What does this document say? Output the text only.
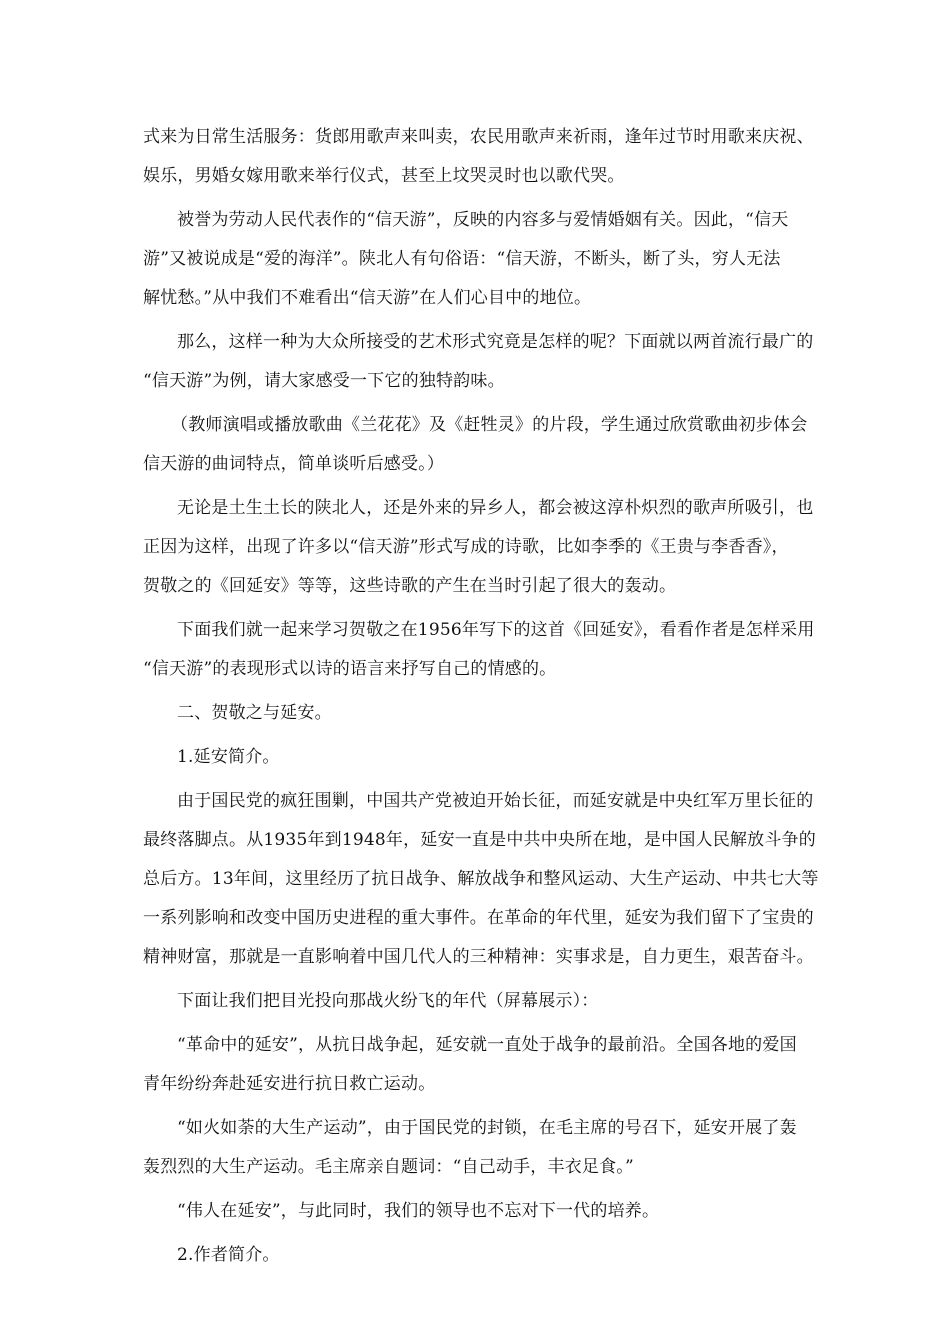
式来为日常生活服务：货郎用歌声来叫卖，农民用歌声来祈雨，逢年过节时用歌来庆祝、
娱乐，男婚女嫁用歌来举行仪式，甚至上坟哭灵时也以歌代哭。

被誉为劳动人民代表作的“信天游”，反映的内容多与爱情婚姻有关。因此，“信天
游”又被说成是“爱的海洋”。陕北人有句俗语：“信天游，不断头，断了头，穷人无法
解忧愁。”从中我们不难看出“信天游”在人们心目中的地位。

那么，这样一种为大众所接受的艺术形式究竟是怎样的呢？下面就以两首流行最广的
“信天游”为例，请大家感受一下它的独特韵味。

（教师演唱或播放歌曲《兰花花》及《赶牲灵》的片段，学生通过欣赏歌曲初步体会
信天游的曲词特点，简单谈听后感受。）

无论是土生土长的陕北人，还是外来的异乡人，都会被这淳朴炽烈的歌声所吸引，也
正因为这样，出现了许多以“信天游”形式写成的诗歌，比如李季的《王贵与李香香》，
贺敬之的《回延安》等等，这些诗歌的产生在当时引起了很大的轰动。

下面我们就一起来学习贺敬之在1956年写下的这首《回延安》，看看作者是怎样采用
“信天游”的表现形式以诗的语言来抒写自己的情感的。

二、贺敬之与延安。

1.延安简介。

由于国民党的疯狂围剿，中国共产党被迫开始长征，而延安就是中央红军万里长征的
最终落脚点。从1935年到1948年，延安一直是中共中央所在地，是中国人民解放斗争的
总后方。13年间，这里经历了抗日战争、解放战争和整风运动、大生产运动、中共七大等
一系列影响和改变中国历史进程的重大事件。在革命的年代里，延安为我们留下了宝贵的
精神财富，那就是一直影响着中国几代人的三种精神：实事求是，自力更生，艰苦奋斗。

下面让我们把目光投向那战火纷飞的年代（屏幕展示）：

“革命中的延安”，从抗日战争起，延安就一直处于战争的最前沿。全国各地的爱国
青年纷纷奔赴延安进行抗日救亡运动。

“如火如荼的大生产运动”，由于国民党的封锁，在毛主席的号召下，延安开展了轰
轰烈烈的大生产运动。毛主席亲自题词：“自己动手，丰衣足食。”

“伟人在延安”，与此同时，我们的领导也不忘对下一代的培养。

2.作者简介。
